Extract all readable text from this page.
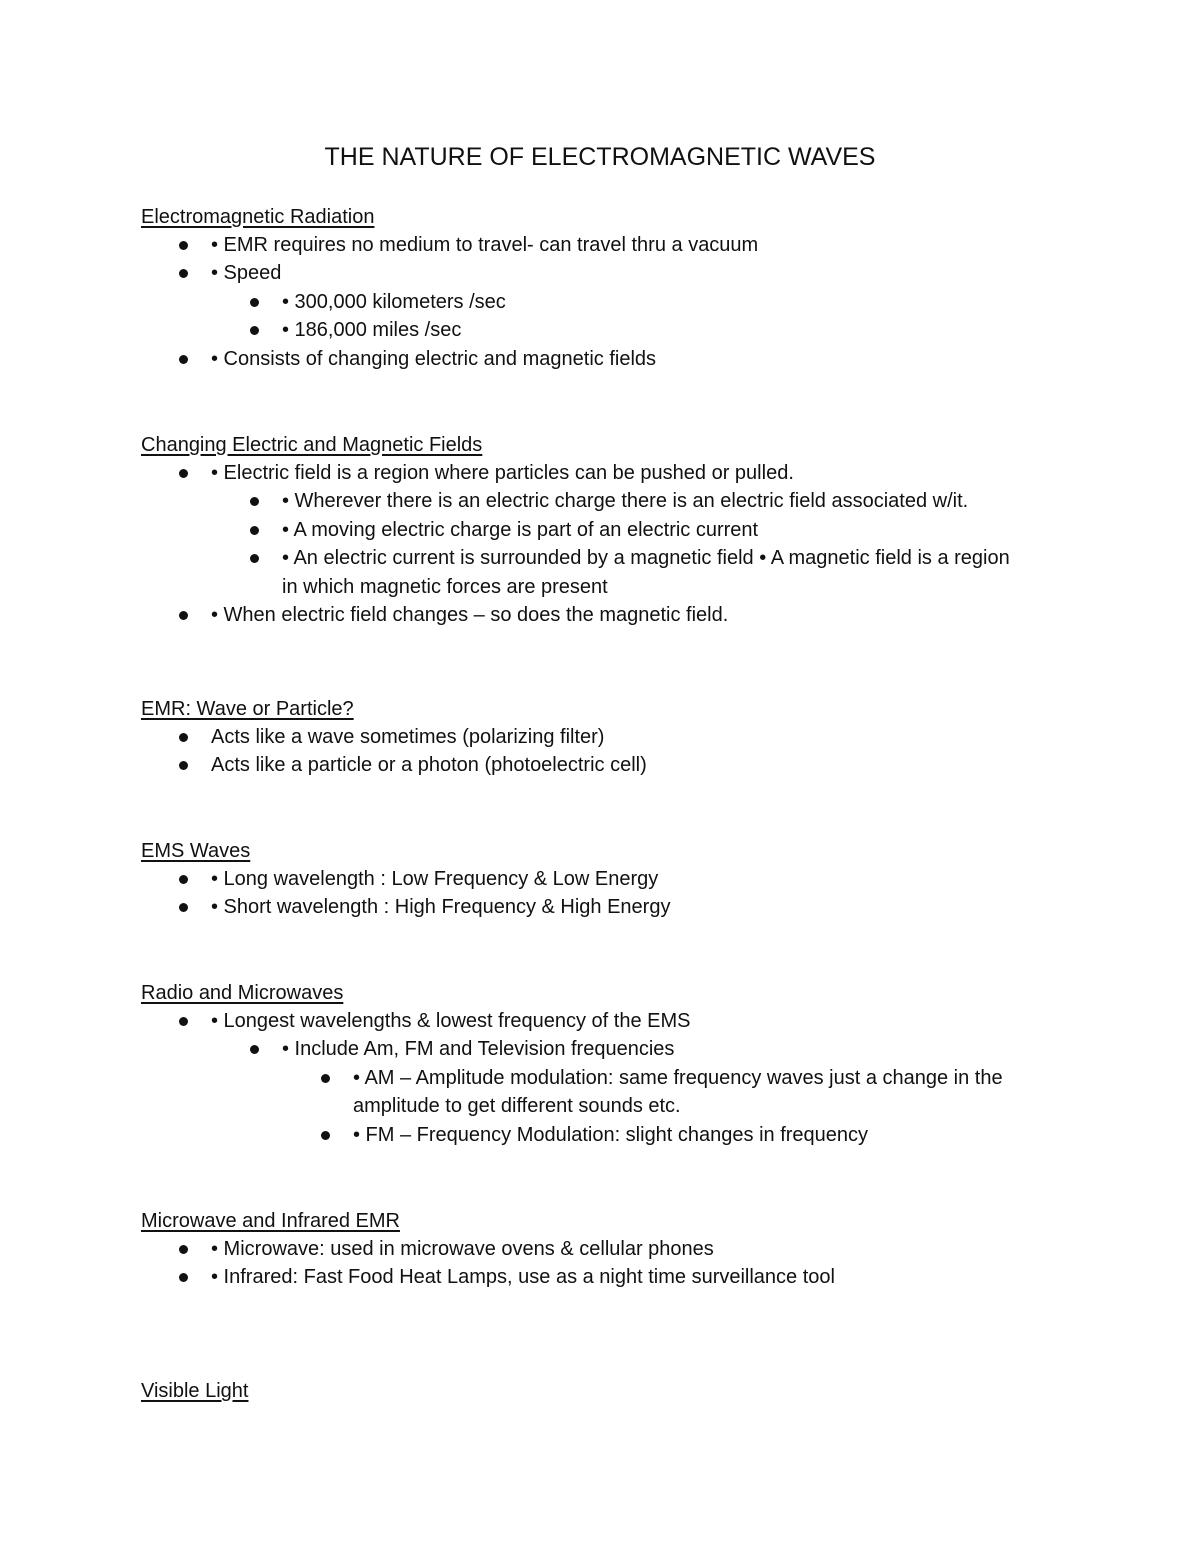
THE NATURE OF ELECTROMAGNETIC WAVES
Electromagnetic Radiation
• EMR requires no medium to travel- can travel thru a vacuum
• Speed
• 300,000 kilometers /sec
• 186,000 miles /sec
• Consists of changing electric and magnetic fields
Changing Electric and Magnetic Fields
• Electric field is a region where particles can be pushed or pulled.
• Wherever there is an electric charge there is an electric field associated w/it.
• A moving electric charge is part of an electric current
• An electric current is surrounded by a magnetic field • A magnetic field is a region in which magnetic forces are present
• When electric field changes – so does the magnetic field.
EMR: Wave or Particle?
Acts like a wave sometimes (polarizing filter)
Acts like a particle or a photon (photoelectric cell)
EMS Waves
• Long wavelength : Low Frequency & Low Energy
• Short wavelength : High Frequency & High Energy
Radio and Microwaves
• Longest wavelengths & lowest frequency of the EMS
• Include Am, FM and Television frequencies
• AM – Amplitude modulation: same frequency waves just a change in the amplitude to get different sounds etc.
• FM – Frequency Modulation: slight changes in frequency
Microwave and Infrared EMR
• Microwave: used in microwave ovens & cellular phones
• Infrared: Fast Food Heat Lamps, use as a night time surveillance tool
Visible Light
